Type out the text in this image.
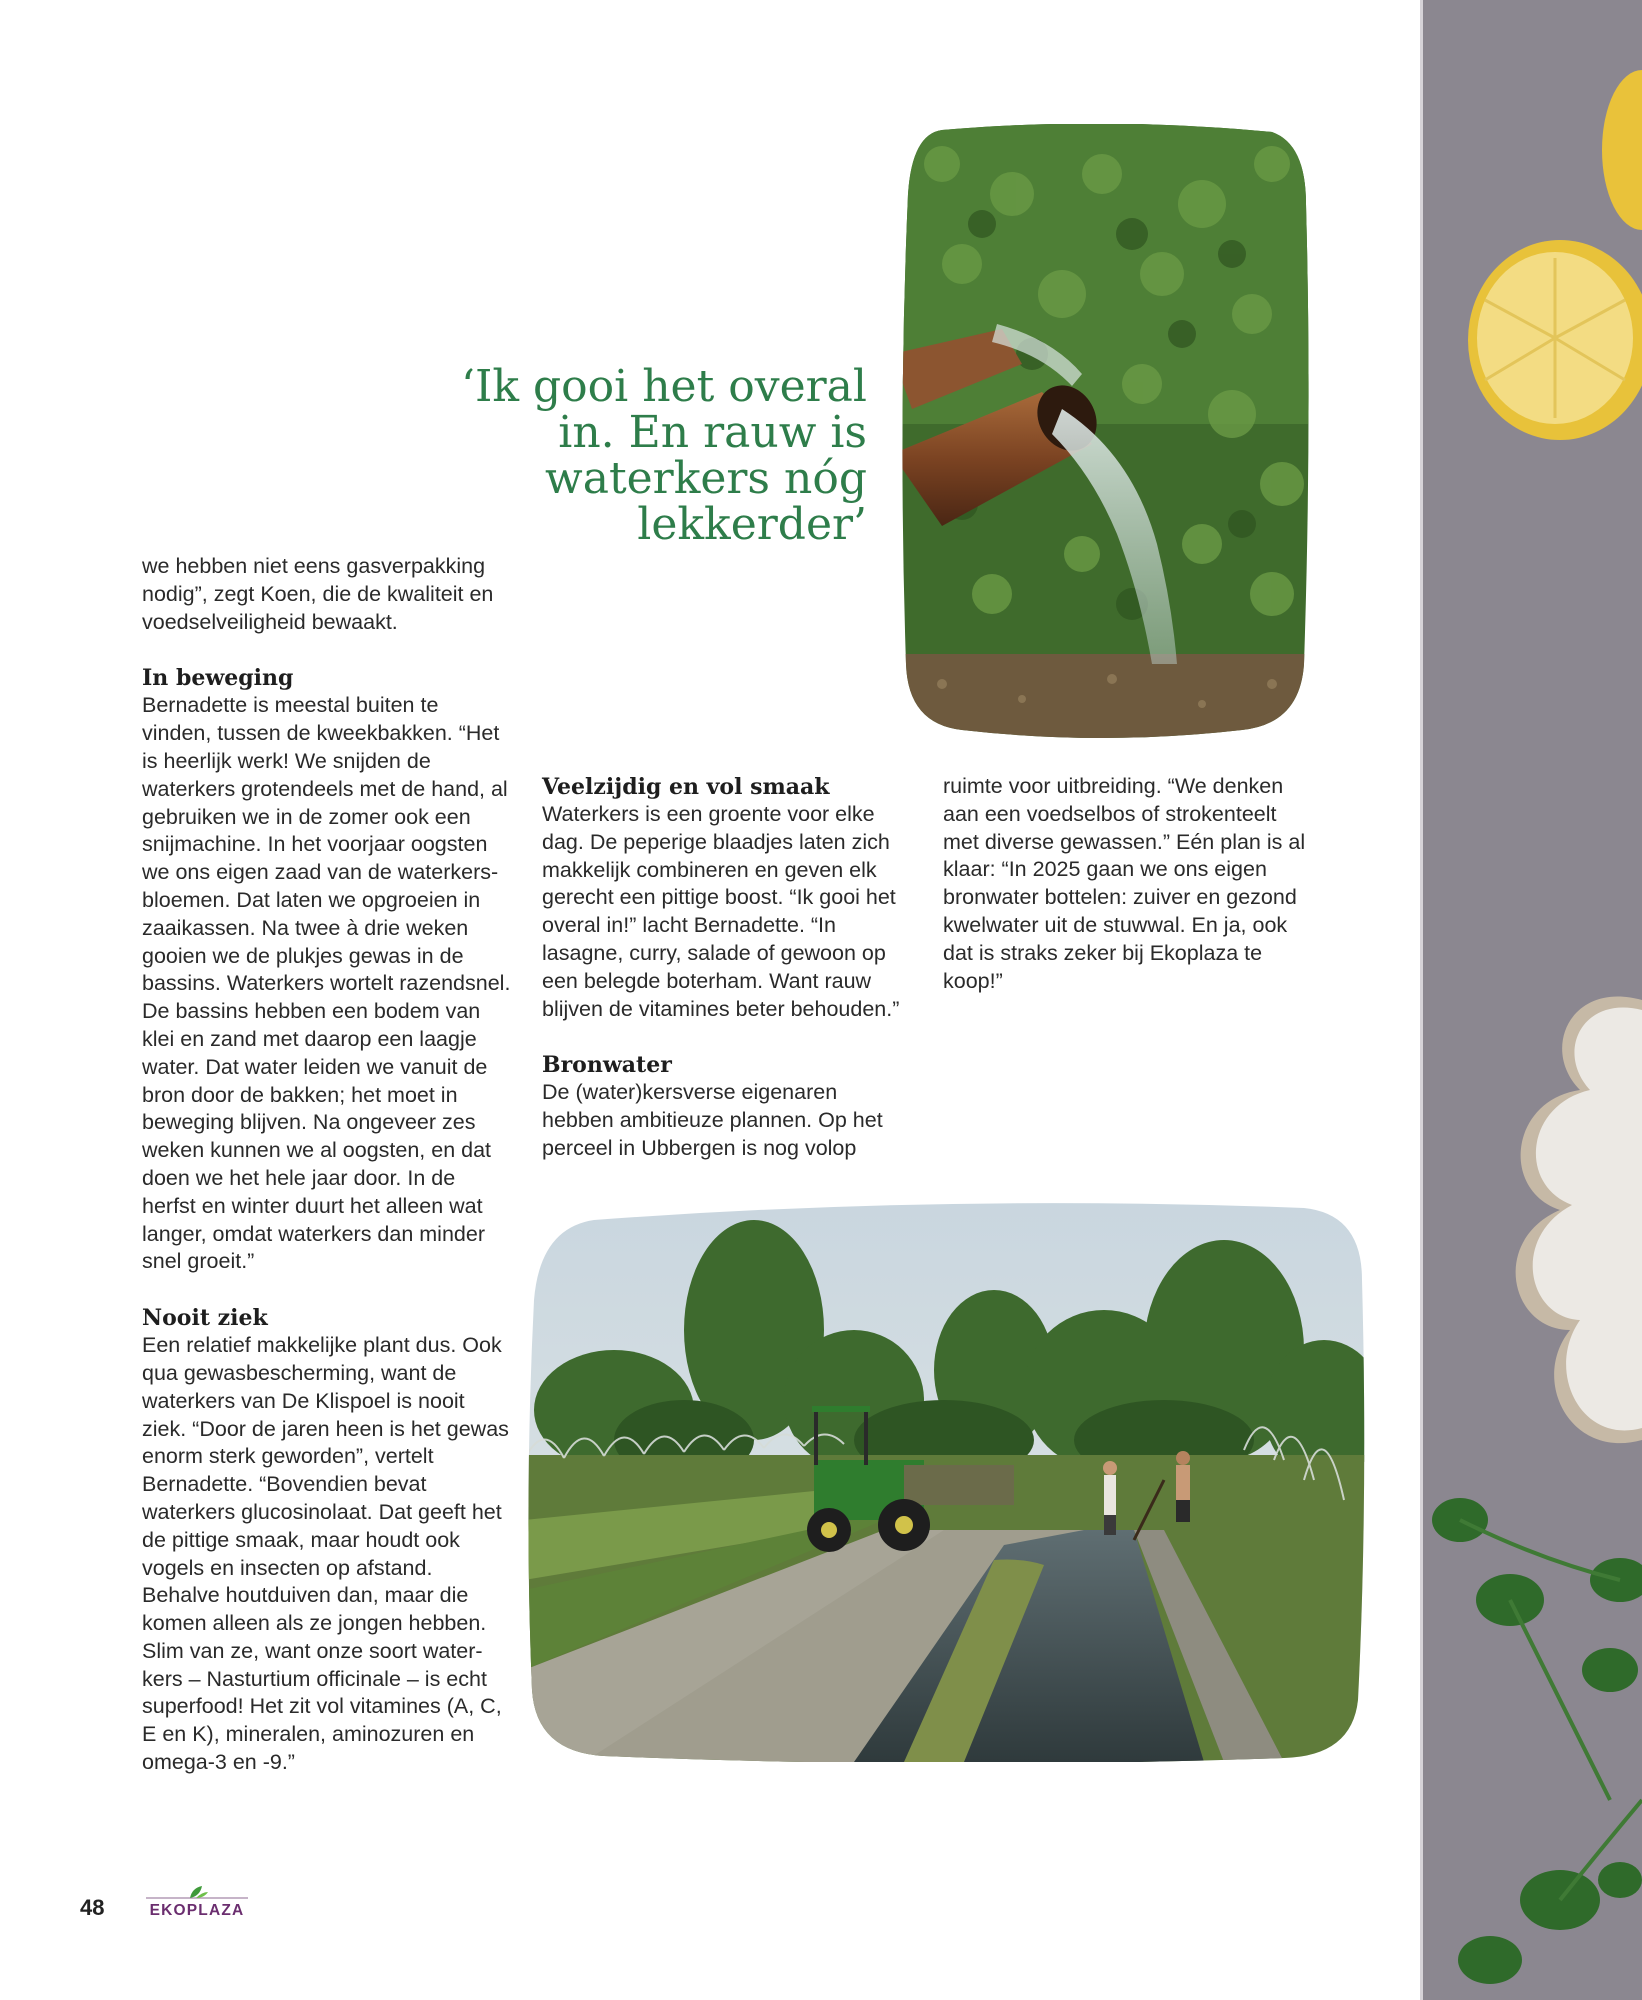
‘Ik gooi het overal in. En rauw is waterkers nóg lekkerder’

we hebben niet eens gasverpakking nodig”, zegt Koen, die de kwaliteit en voedselveiligheid bewaakt.

In beweging

Bernadette is meestal buiten te vinden, tussen de kweekbakken. “Het is heerlijk werk! We snijden de waterkers grotendeels met de hand, al gebruiken we in de zomer ook een snijmachine. In het voorjaar oogsten we ons eigen zaad van de waterkersbloemen. Dat laten we opgroeien in zaaikassen. Na twee à drie weken gooien we de plukjes gewas in de bassins. Waterkers wortelt razendsnel. De bassins hebben een bodem van klei en zand met daarop een laagje water. Dat water leiden we vanuit de bron door de bakken; het moet in beweging blijven. Na ongeveer zes weken kunnen we al oogsten, en dat doen we het hele jaar door. In de herfst en winter duurt het alleen wat langer, omdat waterkers dan minder snel groeit.”

Nooit ziek

Een relatief makkelijke plant dus. Ook qua gewasbescherming, want de waterkers van De Klispoel is nooit ziek. “Door de jaren heen is het gewas enorm sterk geworden”, vertelt Bernadette. “Bovendien bevat waterkers glucosinolaat. Dat geeft het de pittige smaak, maar houdt ook vogels en insecten op afstand. Behalve houtduiven dan, maar die komen alleen als ze jongen hebben. Slim van ze, want onze soort waterkers – Nasturtium officinale – is echt superfood! Het zit vol vitamines (A, C, E en K), mineralen, aminozuren en omega-3 en -9.”

Veelzijdig en vol smaak

Waterkers is een groente voor elke dag. De peperige blaadjes laten zich makkelijk combineren en geven elk gerecht een pittige boost. “Ik gooi het overal in!” lacht Bernadette. “In lasagne, curry, salade of gewoon op een belegde boterham. Want rauw blijven de vitamines beter behouden.”

Bronwater

De (water)kersverse eigenaren hebben ambitieuze plannen. Op het perceel in Ubbergen is nog volop

ruimte voor uitbreiding. “We denken aan een voedselbos of strokenteelt met diverse gewassen.” Eén plan is al klaar: “In 2025 gaan we ons eigen bronwater bottelen: zuiver en gezond kwelwater uit de stuwwal. En ja, ook dat is straks zeker bij Ekoplaza te koop!”

48	EKOPLAZA
